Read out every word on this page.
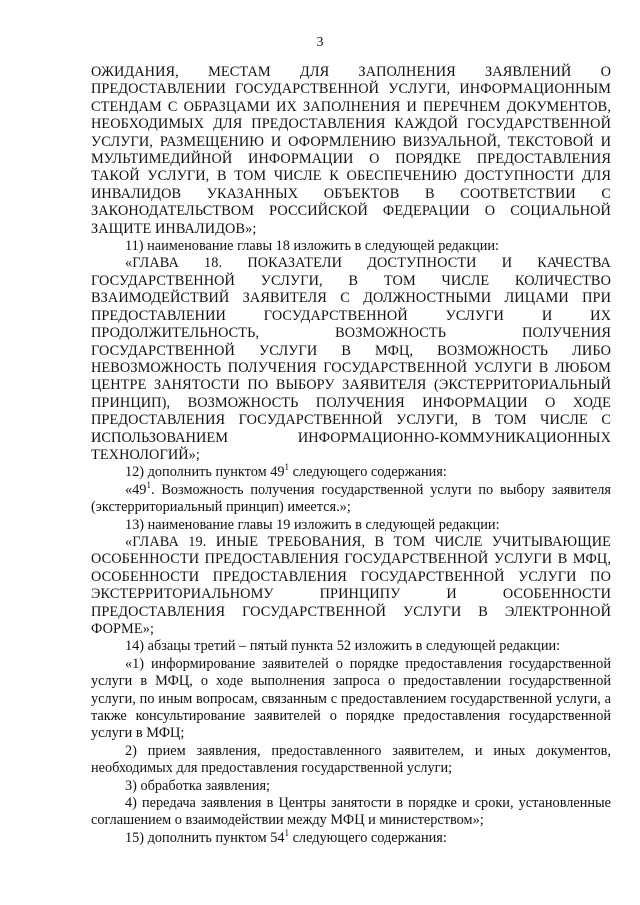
3

ОЖИДАНИЯ, МЕСТАМ ДЛЯ ЗАПОЛНЕНИЯ ЗАЯВЛЕНИЙ О ПРЕДОСТАВЛЕНИИ ГОСУДАРСТВЕННОЙ УСЛУГИ, ИНФОРМАЦИОННЫМ СТЕНДАМ С ОБРАЗЦАМИ ИХ ЗАПОЛНЕНИЯ И ПЕРЕЧНЕМ ДОКУМЕНТОВ, НЕОБХОДИМЫХ ДЛЯ ПРЕДОСТАВЛЕНИЯ КАЖДОЙ ГОСУДАРСТВЕННОЙ УСЛУГИ, РАЗМЕЩЕНИЮ И ОФОРМЛЕНИЮ ВИЗУАЛЬНОЙ, ТЕКСТОВОЙ И МУЛЬТИМЕДИЙНОЙ ИНФОРМАЦИИ О ПОРЯДКЕ ПРЕДОСТАВЛЕНИЯ ТАКОЙ УСЛУГИ, В ТОМ ЧИСЛЕ К ОБЕСПЕЧЕНИЮ ДОСТУПНОСТИ ДЛЯ ИНВАЛИДОВ УКАЗАННЫХ ОБЪЕКТОВ В СООТВЕТСТВИИ С ЗАКОНОДАТЕЛЬСТВОМ РОССИЙСКОЙ ФЕДЕРАЦИИ О СОЦИАЛЬНОЙ ЗАЩИТЕ ИНВАЛИДОВ»;

11) наименование главы 18 изложить в следующей редакции:

«ГЛАВА 18. ПОКАЗАТЕЛИ ДОСТУПНОСТИ И КАЧЕСТВА ГОСУДАРСТВЕННОЙ УСЛУГИ, В ТОМ ЧИСЛЕ КОЛИЧЕСТВО ВЗАИМОДЕЙСТВИЙ ЗАЯВИТЕЛЯ С ДОЛЖНОСТНЫМИ ЛИЦАМИ ПРИ ПРЕДОСТАВЛЕНИИ ГОСУДАРСТВЕННОЙ УСЛУГИ И ИХ ПРОДОЛЖИТЕЛЬНОСТЬ, ВОЗМОЖНОСТЬ ПОЛУЧЕНИЯ ГОСУДАРСТВЕННОЙ УСЛУГИ В МФЦ, ВОЗМОЖНОСТЬ ЛИБО НЕВОЗМОЖНОСТЬ ПОЛУЧЕНИЯ ГОСУДАРСТВЕННОЙ УСЛУГИ В ЛЮБОМ ЦЕНТРЕ ЗАНЯТОСТИ ПО ВЫБОРУ ЗАЯВИТЕЛЯ (ЭКСТЕРРИТОРИАЛЬНЫЙ ПРИНЦИП), ВОЗМОЖНОСТЬ ПОЛУЧЕНИЯ ИНФОРМАЦИИ О ХОДЕ ПРЕДОСТАВЛЕНИЯ ГОСУДАРСТВЕННОЙ УСЛУГИ, В ТОМ ЧИСЛЕ С ИСПОЛЬЗОВАНИЕМ ИНФОРМАЦИОННО-КОММУНИКАЦИОННЫХ ТЕХНОЛОГИЙ»;

12) дополнить пунктом $49^1$ следующего содержания:

«$49^1$. Возможность получения государственной услуги по выбору заявителя (экстерриториальный принцип) имеется.»;

13) наименование главы 19 изложить в следующей редакции:

«ГЛАВА 19. ИНЫЕ ТРЕБОВАНИЯ, В ТОМ ЧИСЛЕ УЧИТЫВАЮЩИЕ ОСОБЕННОСТИ ПРЕДОСТАВЛЕНИЯ ГОСУДАРСТВЕННОЙ УСЛУГИ В МФЦ, ОСОБЕННОСТИ ПРЕДОСТАВЛЕНИЯ ГОСУДАРСТВЕННОЙ УСЛУГИ ПО ЭКСТЕРРИТОРИАЛЬНОМУ ПРИНЦИПУ И ОСОБЕННОСТИ ПРЕДОСТАВЛЕНИЯ ГОСУДАРСТВЕННОЙ УСЛУГИ В ЭЛЕКТРОННОЙ ФОРМЕ»;

14) абзацы третий – пятый пункта 52 изложить в следующей редакции:

«1) информирование заявителей о порядке предоставления государственной услуги в МФЦ, о ходе выполнения запроса о предоставлении государственной услуги, по иным вопросам, связанным с предоставлением государственной услуги, а также консультирование заявителей о порядке предоставления государственной услуги в МФЦ;

2) прием заявления, предоставленного заявителем, и иных документов, необходимых для предоставления государственной услуги;

3) обработка заявления;

4) передача заявления в Центры занятости в порядке и сроки, установленные соглашением о взаимодействии между МФЦ и министерством»;

15) дополнить пунктом $54^1$ следующего содержания:
